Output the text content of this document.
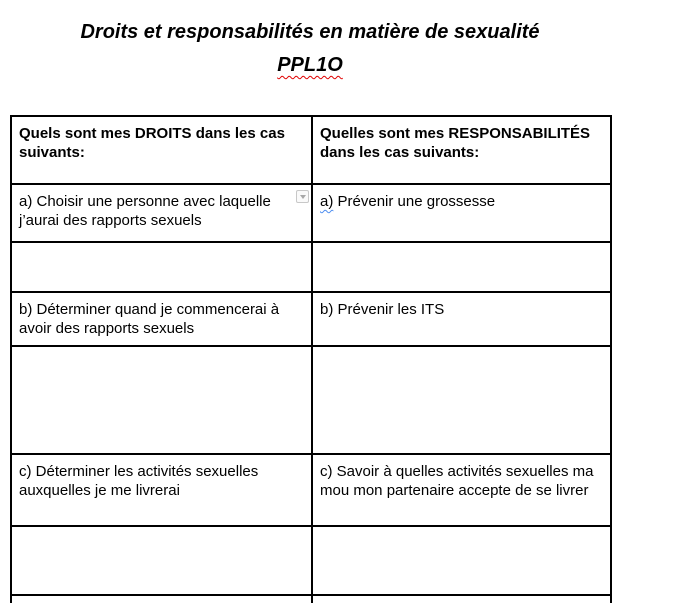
Droits et responsabilités en matière de sexualité
PPL1O
Quels sont mes DROITS dans les cas suivants:	Quelles sont mes RESPONSABILITÉS dans les cas suivants:
a) Choisir une personne avec laquelle j’aurai des rapports sexuels	a) Prévenir une grossesse

b) Déterminer quand je commencerai à avoir des rapports sexuels	b) Prévenir les ITS

c) Déterminer les activités sexuelles auxquelles je me livrerai	c) Savoir à quelles activités sexuelles ma mou mon partenaire accepte de se livrer
